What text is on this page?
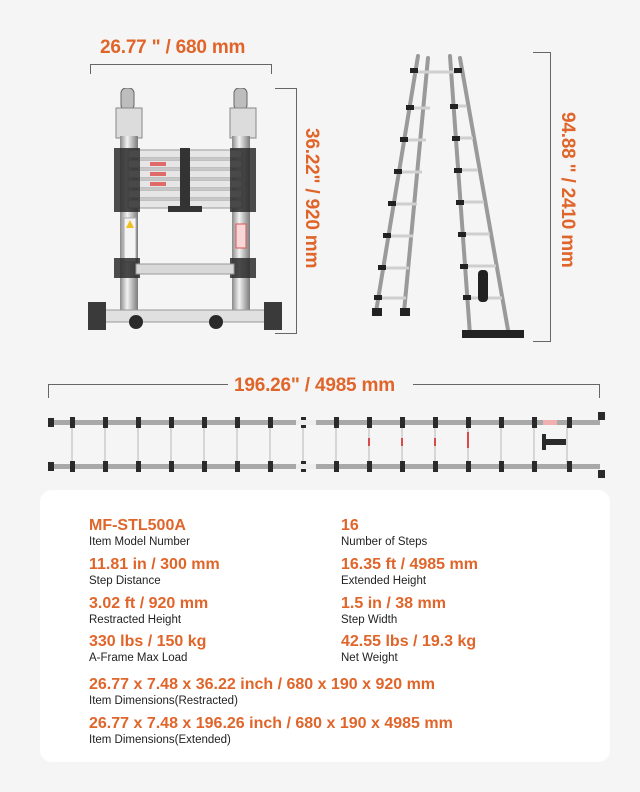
26.77 " / 680 mm
36.22" / 920 mm	94.88 " / 2410 mm
196.26" / 4985 mm
MF-STL500A
Item Model Number
11.81 in / 300 mm
Step Distance
3.02 ft / 920 mm
Restracted Height
330 lbs / 150 kg
A-Frame Max Load
16
Number of Steps
16.35 ft / 4985 mm
Extended Height
1.5 in / 38 mm
Step Width
42.55 lbs / 19.3 kg
Net Weight
26.77 x 7.48 x 36.22 inch / 680 x 190 x 920 mm
Item Dimensions(Restracted)
26.77 x 7.48 x 196.26 inch / 680 x 190 x 4985 mm
Item Dimensions(Extended)
